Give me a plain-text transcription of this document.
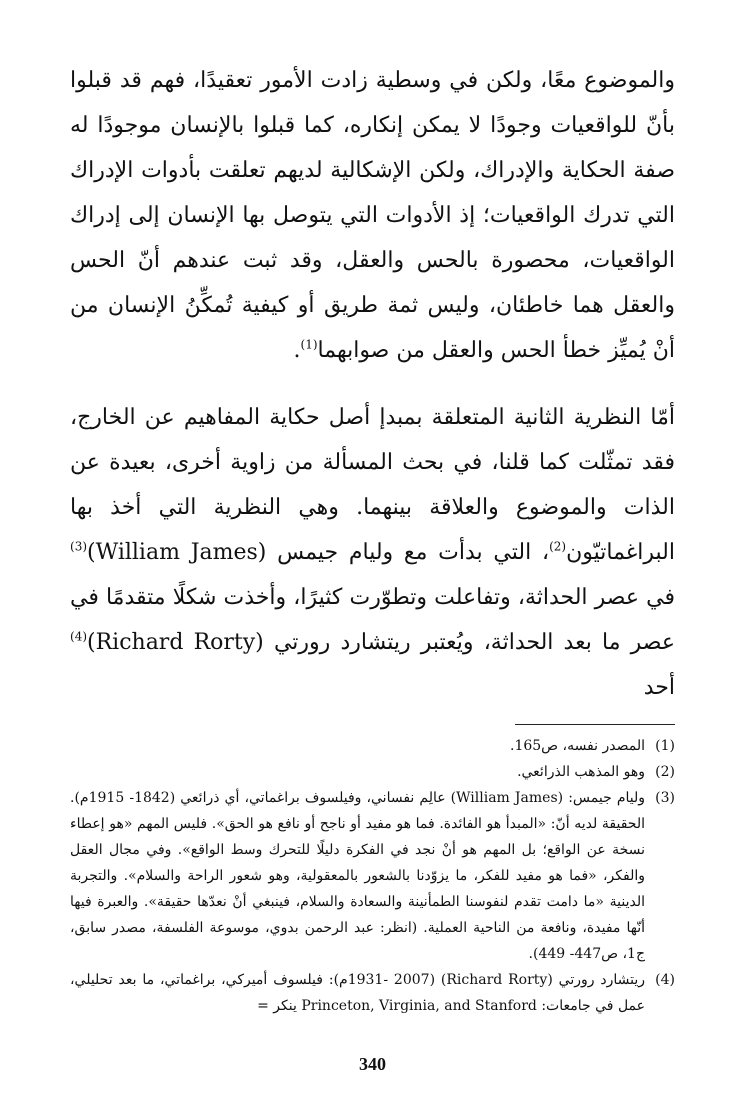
والموضوع معًا، ولكن في وسطية زادت الأمور تعقيدًا، فهم قد قبلوا بأنّ للواقعيات وجودًا لا يمكن إنكاره، كما قبلوا بالإنسان موجودًا له صفة الحكاية والإدراك، ولكن الإشكالية لديهم تعلقت بأدوات الإدراك التي تدرك الواقعيات؛ إذ الأدوات التي يتوصل بها الإنسان إلى إدراك الواقعيات، محصورة بالحس والعقل، وقد ثبت عندهم أنّ الحس والعقل هما خاطئان، وليس ثمة طريق أو كيفية تُمكِّنُ الإنسان من أنْ يُميِّز خطأ الحس والعقل من صوابهما$^{(1)}$.

أمّا النظرية الثانية المتعلقة بمبدإ أصل حكاية المفاهيم عن الخارج، فقد تمثّلت كما قلنا، في بحث المسألة من زاوية أخرى، بعيدة عن الذات والموضوع والعلاقة بينهما. وهي النظرية التي أخذ بها البراغماتيّون$^{(2)}$، التي بدأت مع وليام جيمس (William James)$^{(3)}$ في عصر الحداثة، وتفاعلت وتطوّرت كثيرًا، وأخذت شكلًا متقدمًا في عصر ما بعد الحداثة، ويُعتبر ريتشارد رورتي (Richard Rorty)$^{(4)}$ أحد

(1)
المصدر نفسه، ص165.
(2)
وهو المذهب الذرائعي.
(3)
وليام جيمس: (William James) عالِم نفساني، وفيلسوف براغماتي، أي ذرائعي (1842- 1915م). الحقيقة لديه أنّ: «المبدأ هو الفائدة. فما هو مفيد أو ناجح أو نافع هو الحق». فليس المهم «هو إعطاء نسخة عن الواقع؛ بل المهم هو أنْ نجد في الفكرة دليلًا للتحرك وسط الواقع». وفي مجال العقل والفكر، «فما هو مفيد للفكر، ما يزوّدنا بالشعور بالمعقولية، وهو شعور الراحة والسلام». والتجربة الدينية «ما دامت تقدم لنفوسنا الطمأنينة والسعادة والسلام، فينبغي أنْ نعدّها حقيقة». والعبرة فيها أنّها مفيدة، ونافعة من الناحية العملية. (انظر: عبد الرحمن بدوي، موسوعة الفلسفة، مصدر سابق، ج1، ص447- 449).
(4)
ريتشارد رورتي (Richard Rorty) (1931- 2007م): فيلسوف أميركي، براغماتي، ما بعد تحليلي، عمل في جامعات: Princeton, Virginia, and Stanford ينكر =
340
